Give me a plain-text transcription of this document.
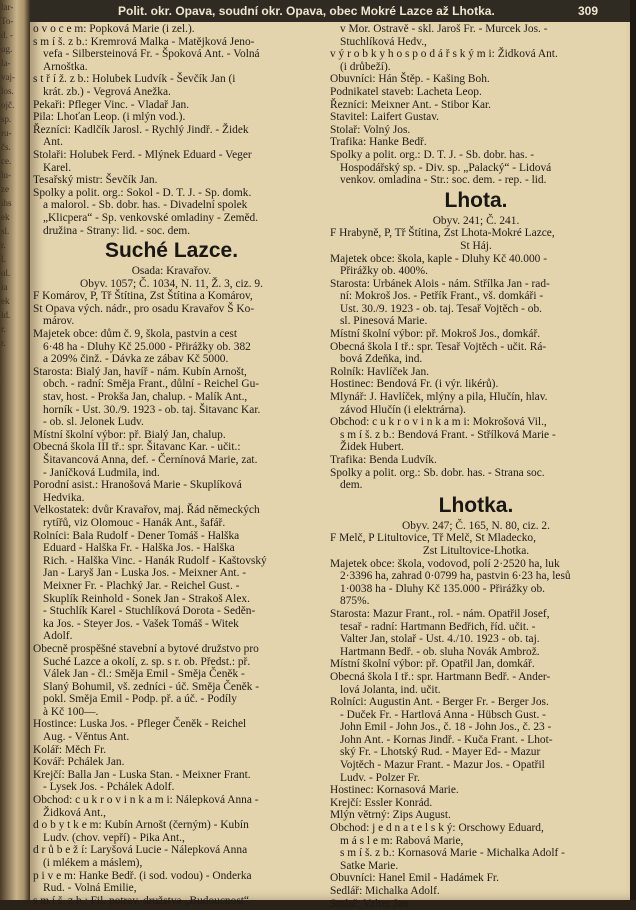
lar-
To-
d. -
ug.
la-
vaj-
los.
ojč.
sp.
ru-
čs.
ce.
lu-
ze
ihs
ek
sl.
r.
l.
ol.
ia
ek
ld.
r.
r.
o v o c e m: Popková Marie (i zel.).
s m í š. z b.: Kremrová Malka - Matějková Jeno-
vefa - Silbersteinová Fr. - Špoková Ant. - Volná
Arnoštka.
s t ř í ž. z b.: Holubek Ludvík - Ševčík Jan (i
krát. zb.) - Vegrová Anežka.
Pekaři: Pfleger Vinc. - Vladař Jan.
Pila: Lhoťan Leop. (i mlýn vod.).
Řezníci: Kadlčík Jarosl. - Rychlý Jindř. - Židek
Ant.
Stolaři: Holubek Ferd. - Mlýnek Eduard - Veger
Karel.
Tesařský mistr: Ševčík Jan.
Spolky a polit. org.: Sokol - D. T. J. - Sp. domk.
a malorol. - Sb. dobr. has. - Divadelní spolek
„Klicpera“ - Sp. venkovské omladiny - Zeměd.
družina - Strany: lid. - soc. dem.
Suché Lazce.
Osada: Kravařov.
Obyv. 1057; Č. 1034, N. 11, Ž. 3, ciz. 9.
F Komárov, P, Tř Štítina, Zst Štítina a Komárov,
St Opava vých. nádr., pro osadu Kravařov Š Ko-
márov.
Majetek obce: dům č. 9, škola, pastvin a cest
6·48 ha - Dluhy Kč 25.000 - Přirážky ob. 382
a 209% činž. - Dávka ze zábav Kč 5000.
Starosta: Bialý Jan, havíř - nám. Kubín Arnošt,
obch. - radní: Směja Frant., důlní - Reichel Gu-
stav, host. - Prokša Jan, chalup. - Malík Ant.,
horník - Ust. 30./9. 1923 - ob. taj. Šitavanc Kar.
- ob. sl. Jelonek Ludv.
Místní školní výbor: př. Bialý Jan, chalup.
Obecná škola III tř.: spr. Šitavanc Kar. - učit.:
Šitavancová Anna, def. - Černínová Marie, zat.
- Janíčková Ludmila, ind.
Porodní asist.: Hranošová Marie - Skuplíková
Hedvika.
Velkostatek: dvůr Kravařov, maj. Řád německých
rytířů, viz Olomouc - Hanák Ant., šafář.
Rolníci: Bala Rudolf - Dener Tomáš - Halška
Eduard - Halška Fr. - Halška Jos. - Halška
Rich. - Halška Vinc. - Hanák Rudolf - Kaštovský
Jan - Laryš Jan - Luska Jos. - Meixner Ant. -
Meixner Fr. - Plachký Jar. - Reichel Gust. -
Skuplík Reinhold - Sonek Jan - Strakoš Alex.
- Stuchlík Karel - Stuchlíková Dorota - Seděn-
ka Jos. - Steyer Jos. - Vašek Tomáš - Witek
Adolf.
Obecně prospěšné stavební a bytové družstvo pro
Suché Lazce a okolí, z. sp. s r. ob. Předst.: př.
Válek Jan - čl.: Směja Emil - Směja Čeněk -
Slaný Bohumil, vš. zedníci - úč. Směja Čeněk -
pokl. Směja Emil - Podp. př. a úč. - Podíly
à Kč 100—.
Hostince: Luska Jos. - Pfleger Čeněk - Reichel
Aug. - Věntus Ant.
Kolář: Měch Fr.
Kovář: Pchálek Jan.
Krejčí: Balla Jan - Luska Stan. - Meixner Frant.
- Lysek Jos. - Pchálek Adolf.
Obchod: c u k r o v i n k a m i: Nálepková Anna -
Židková Ant.,
d o b y t k e m: Kubín Arnošt (černým) - Kubín
Ludv. (chov. vepří) - Pika Ant.,
d r ů b e ž í: Laryšová Lucie - Nálepková Anna
(i mlékem a máslem),
p i v e m: Hanke Bedř. (i sod. vodou) - Onderka
Rud. - Volná Emilie,
s m í š. z b.: Fil. potrav. družstva „Budoucnost“
v Mor. Ostravě - skl. Jaroš Fr. - Murcek Jos. -
Stuchlíková Hedv.,
v ý r o b k y h o s p o d á ř s k ý m i: Židková Ant.
(i drůbeží).
Obuvníci: Hán Štěp. - Kašing Boh.
Podnikatel staveb: Lacheta Leop.
Řezníci: Meixner Ant. - Stibor Kar.
Stavitel: Laifert Gustav.
Stolař: Volný Jos.
Trafika: Hanke Bedř.
Spolky a polit. org.: D. T. J. - Sb. dobr. has. -
Hospodářský sp. - Div. sp. „Palacký“ - Lidová
venkov. omladina - Str.: soc. dem. - rep. - lid.
Lhota.
Obyv. 241; Č. 241.
F Hrabyně, P, Tř Štítina, Zst Lhota-Mokré Lazce,
St Háj.
Majetek obce: škola, kaple - Dluhy Kč 40.000 -
Přirážky ob. 400%.
Starosta: Urbánek Alois - nám. Střílka Jan - rad-
ní: Mokroš Jos. - Petřík Frant., vš. domkáři -
Ust. 30./9. 1923 - ob. taj. Tesař Vojtěch - ob.
sl. Pinesová Marie.
Místní školní výbor: př. Mokroš Jos., domkář.
Obecná škola I tř.: spr. Tesař Vojtěch - učit. Rá-
bová Zdeňka, ind.
Rolník: Havlíček Jan.
Hostinec: Bendová Fr. (i výr. likérů).
Mlynář: J. Havlíček, mlýny a pila, Hlučín, hlav.
závod Hlučín (i elektrárna).
Obchod: c u k r o v i n k a m i: Mokrošová Vil.,
s m í š. z b.: Bendová Frant. - Střílková Marie -
Židek Hubert.
Trafika: Benda Ludvík.
Spolky a polit. org.: Sb. dobr. has. - Strana soc.
dem.
Lhotka.
Obyv. 247; Č. 165, N. 80, ciz. 2.
F Melč, P Litultovice, Tř Melč, St Mladecko,
Zst Litultovice-Lhotka.
Majetek obce: škola, vodovod, polí 2·2520 ha, luk
2·3396 ha, zahrad 0·0799 ha, pastvin 6·23 ha, lesů
1·0038 ha - Dluhy Kč 135.000 - Přirážky ob.
875%.
Starosta: Mazur Frant., rol. - nám. Opatřil Josef,
tesař - radní: Hartmann Bedřich, říd. učit. -
Valter Jan, stolař - Ust. 4./10. 1923 - ob. taj.
Hartmann Bedř. - ob. sluha Novák Ambrož.
Místní školní výbor: př. Opatřil Jan, domkář.
Obecná škola I tř.: spr. Hartmann Bedř. - Ander-
lová Jolanta, ind. učit.
Rolníci: Augustin Ant. - Berger Fr. - Berger Jos.
- Duček Fr. - Hartlová Anna - Hübsch Gust. -
John Emil - John Jos., č. 18 - John Jos., č. 23 -
John Ant. - Kornas Jindř. - Kuča Frant. - Lhot-
ský Fr. - Lhotský Rud. - Mayer Ed- - Mazur
Vojtěch - Mazur Frant. - Mazur Jos. - Opatřil
Ludv. - Polzer Fr.
Hostinec: Kornasová Marie.
Krejčí: Essler Konrád.
Mlýn větrný: Zips August.
Obchod: j e d n a t e l s k ý: Orschowy Eduard,
m á s l e m: Rabová Marie,
s m í š. z b.: Kornasová Marie - Michalka Adolf -
Satke Marie.
Obuvníci: Hanel Emil - Hadámek Fr.
Sedlář: Michalka Adolf.
Stolař: Valter Jan.
Polit. okr. Opava, soudní okr. Opava, obec Mokré Lazce až Lhotka.	309
